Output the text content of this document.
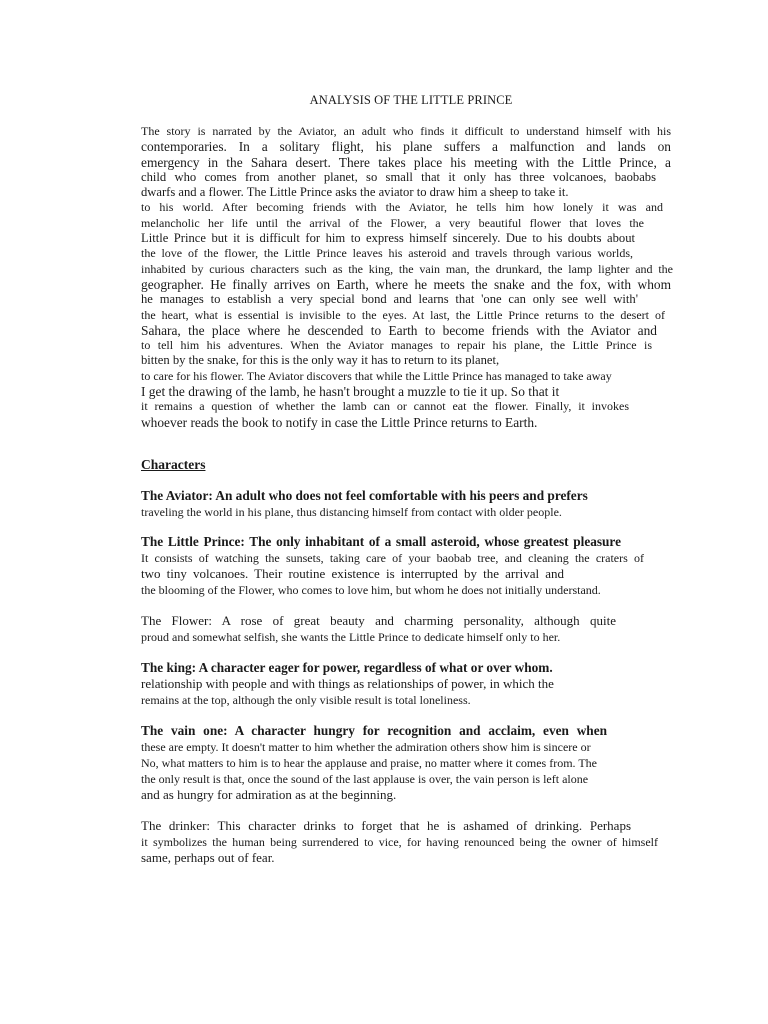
ANALYSIS OF THE LITTLE PRINCE
The story is narrated by the Aviator, an adult who finds it difficult to understand himself with his
contemporaries. In a solitary flight, his plane suffers a malfunction and lands on
emergency in the Sahara desert. There takes place his meeting with the Little Prince, a
child who comes from another planet, so small that it only has three volcanoes, baobabs
dwarfs and a flower. The Little Prince asks the aviator to draw him a sheep to take it.
to his world. After becoming friends with the Aviator, he tells him how lonely it was and
melancholic her life until the arrival of the Flower, a very beautiful flower that loves the
Little Prince but it is difficult for him to express himself sincerely. Due to his doubts about
the love of the flower, the Little Prince leaves his asteroid and travels through various worlds,
inhabited by curious characters such as the king, the vain man, the drunkard, the lamp lighter and the
geographer. He finally arrives on Earth, where he meets the snake and the fox, with whom
he manages to establish a very special bond and learns that 'one can only see well with'
the heart, what is essential is invisible to the eyes. At last, the Little Prince returns to the desert of
Sahara, the place where he descended to Earth to become friends with the Aviator and
to tell him his adventures. When the Aviator manages to repair his plane, the Little Prince is
bitten by the snake, for this is the only way it has to return to its planet,
to care for his flower. The Aviator discovers that while the Little Prince has managed to take away
I get the drawing of the lamb, he hasn't brought a muzzle to tie it up. So that it
it remains a question of whether the lamb can or cannot eat the flower. Finally, it invokes
whoever reads the book to notify in case the Little Prince returns to Earth.
Characters
The Aviator: An adult who does not feel comfortable with his peers and prefers
traveling the world in his plane, thus distancing himself from contact with older people.
The Little Prince: The only inhabitant of a small asteroid, whose greatest pleasure
It consists of watching the sunsets, taking care of your baobab tree, and cleaning the craters of
two tiny volcanoes. Their routine existence is interrupted by the arrival and
the blooming of the Flower, who comes to love him, but whom he does not initially understand.
The Flower: A rose of great beauty and charming personality, although quite
proud and somewhat selfish, she wants the Little Prince to dedicate himself only to her.
The king: A character eager for power, regardless of what or over whom.
relationship with people and with things as relationships of power, in which the
remains at the top, although the only visible result is total loneliness.
The vain one: A character hungry for recognition and acclaim, even when
these are empty. It doesn't matter to him whether the admiration others show him is sincere or
No, what matters to him is to hear the applause and praise, no matter where it comes from. The
the only result is that, once the sound of the last applause is over, the vain person is left alone
and as hungry for admiration as at the beginning.
The drinker: This character drinks to forget that he is ashamed of drinking. Perhaps
it symbolizes the human being surrendered to vice, for having renounced being the owner of himself
same, perhaps out of fear.
